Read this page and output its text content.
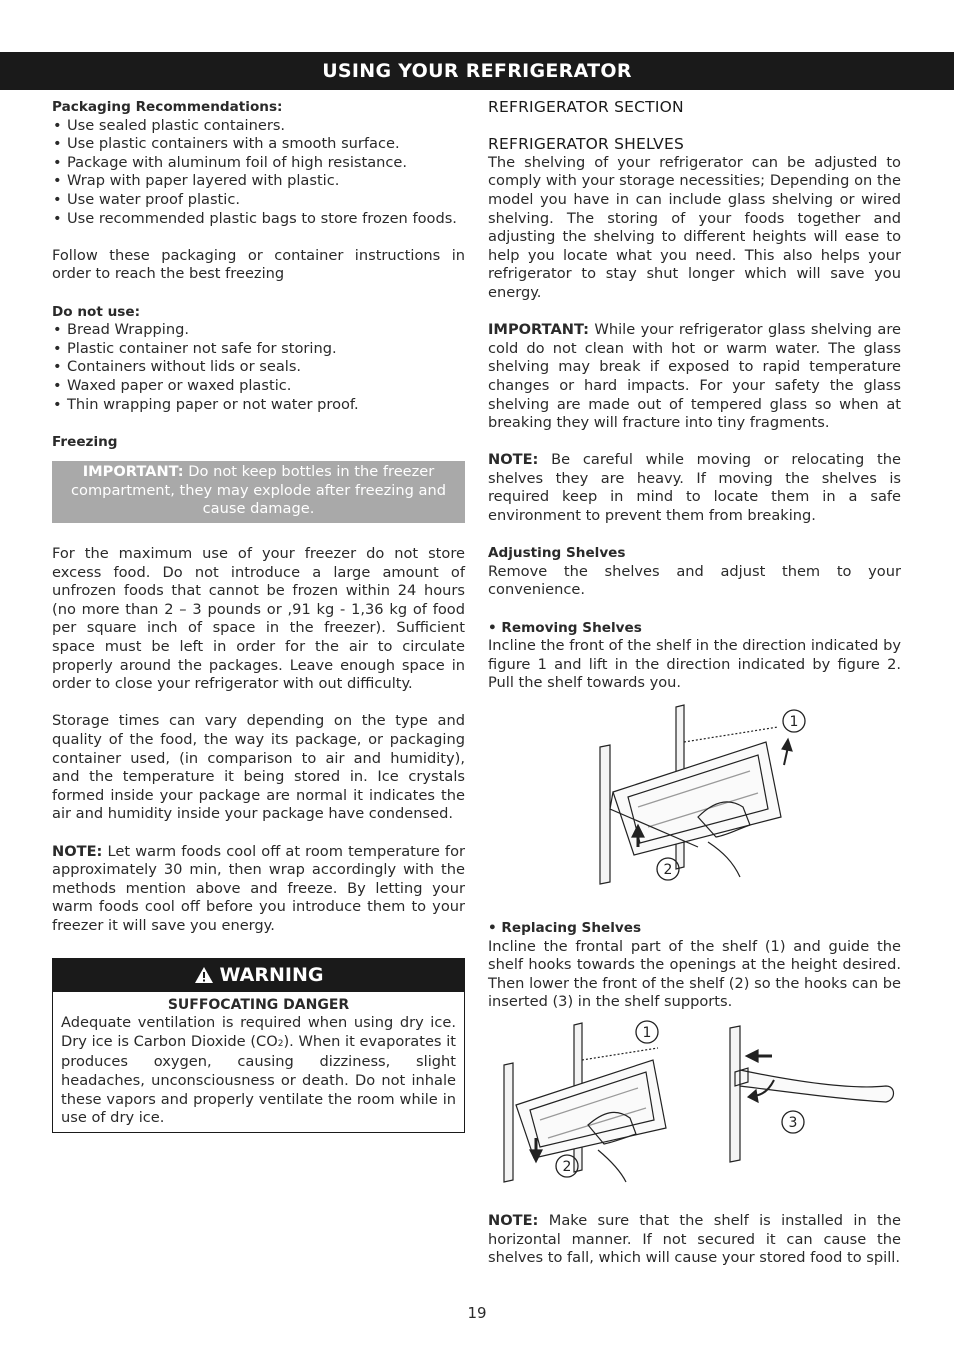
USING YOUR REFRIGERATOR
Packaging Recommendations:
• Use sealed plastic containers.
• Use plastic containers with a smooth surface.
• Package with aluminum foil of high resistance.
• Wrap with paper layered with plastic.
• Use water proof plastic.
• Use recommended plastic bags to store frozen foods.
Follow these packaging or container instructions in order to reach the best freezing
Do not use:
• Bread Wrapping.
• Plastic container not safe for storing.
• Containers without lids or seals.
• Waxed paper or waxed plastic.
• Thin wrapping paper or not water proof.
Freezing
IMPORTANT: Do not keep bottles in the freezer compartment, they may explode after freezing and cause damage.
For the maximum use of your freezer do not store excess food. Do not introduce a large amount of unfrozen foods that cannot be frozen within 24 hours (no more than 2 – 3 pounds or ,91 kg - 1,36 kg of food per square inch of space in the freezer). Sufficient space must be left in order for the air to circulate properly around the packages. Leave enough space in order to close your refrigerator with out difficulty.
Storage times can vary depending on the type and quality of the food, the way its package, or packaging container used, (in comparison to air and humidity), and the temperature it being stored in. Ice crystals formed inside your package are normal it indicates the air and humidity inside your package have condensed.
NOTE: Let warm foods cool off at room temperature for approximately 30 min, then wrap accordingly with the methods mention above and freeze. By letting your warm foods cool off before you introduce them to your freezer it will save you energy.
WARNING
SUFFOCATING DANGER
Adequate ventilation is required when using dry ice. Dry ice is Carbon Dioxide (CO2). When it evaporates it produces oxygen, causing dizziness, slight headaches, unconsciousness or death. Do not inhale these vapors and properly ventilate the room while in use of dry ice.
REFRIGERATOR SECTION
REFRIGERATOR SHELVES
The shelving of your refrigerator can be adjusted to comply with your storage necessities; Depending on the model you have in can include glass shelving or wired shelving. The storing of your foods together and adjusting the shelving to different heights will ease to help you locate what you need. This also helps your refrigerator to stay shut longer which will save you energy.
IMPORTANT: While your refrigerator glass shelving are cold do not clean with hot or warm water. The glass shelving may break if exposed to rapid temperature changes or hard impacts. For your safety the glass shelving are made out of tempered glass so when at breaking they will fracture into tiny fragments.
NOTE: Be careful while moving or relocating the shelves they are heavy. If moving the shelves is required keep in mind to locate them in a safe environment to prevent them from breaking.
Adjusting Shelves
Remove the shelves and adjust them to your convenience.
• Removing Shelves
Incline the front of the shelf in the direction indicated by figure 1 and lift in the direction indicated by figure 2. Pull the shelf towards you.
1
2
• Replacing Shelves
Incline the frontal part of the shelf (1) and guide the shelf hooks towards the openings at the height desired. Then lower the front of the shelf (2) so the hooks can be inserted (3) in the shelf supports.
1
2
3
NOTE: Make sure that the shelf is installed in the horizontal manner. If not secured it can cause the shelves to fall, which will cause your stored food to spill.
19
